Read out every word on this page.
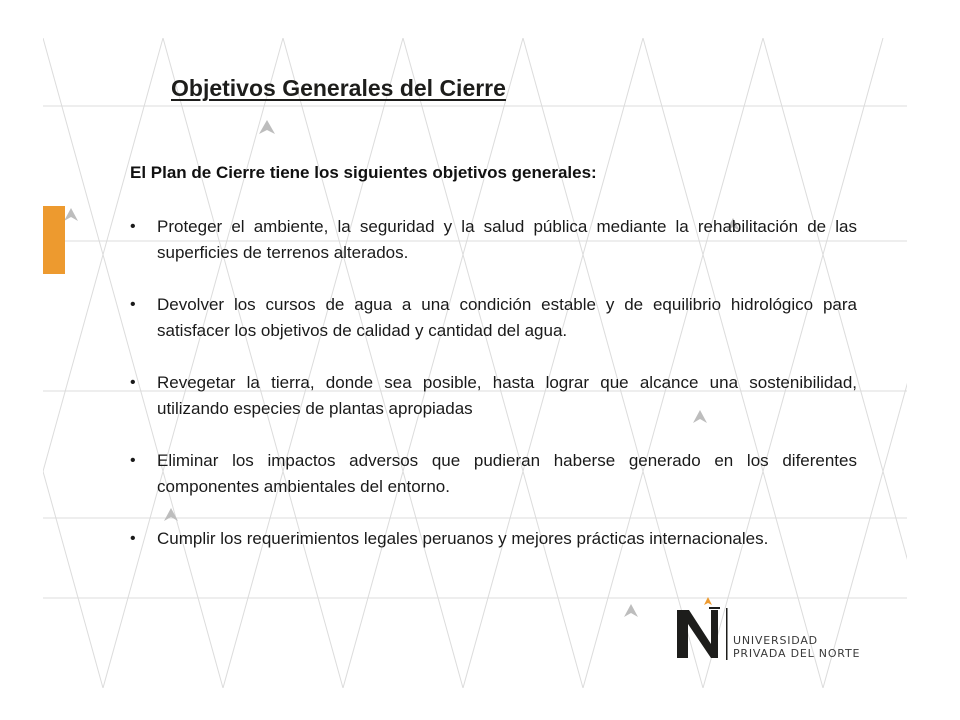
Objetivos Generales del Cierre
El Plan de Cierre tiene los siguientes objetivos generales:
• Proteger el ambiente, la seguridad y la salud pública mediante la rehabilitación de las superficies de terrenos alterados.
• Devolver los cursos de agua a una condición estable y de equilibrio hidrológico para satisfacer los objetivos de calidad y cantidad del agua.
• Revegetar la tierra, donde sea posible, hasta lograr que alcance una sostenibilidad, utilizando especies de plantas apropiadas
• Eliminar los impactos adversos que pudieran haberse generado en los diferentes componentes ambientales del entorno.
• Cumplir los requerimientos legales peruanos y mejores prácticas internacionales.
UNIVERSIDAD
PRIVADA DEL NORTE
